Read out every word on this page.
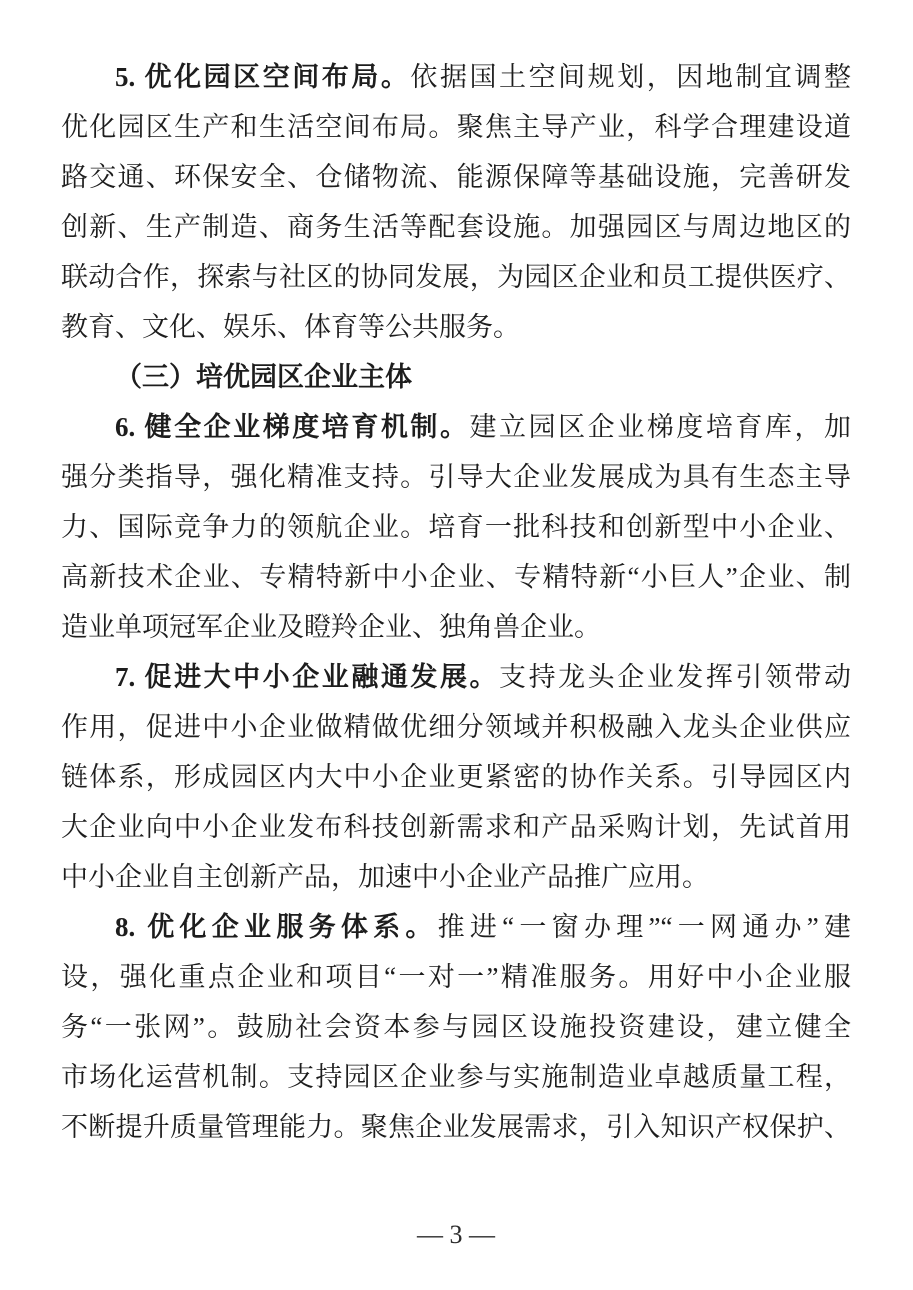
5. 优化园区空间布局。依据国土空间规划，因地制宜调整
优化园区生产和生活空间布局。聚焦主导产业，科学合理建设道
路交通、环保安全、仓储物流、能源保障等基础设施，完善研发
创新、生产制造、商务生活等配套设施。加强园区与周边地区的
联动合作，探索与社区的协同发展，为园区企业和员工提供医疗、
教育、文化、娱乐、体育等公共服务。
（三）培优园区企业主体
6. 健全企业梯度培育机制。建立园区企业梯度培育库，加
强分类指导，强化精准支持。引导大企业发展成为具有生态主导
力、国际竞争力的领航企业。培育一批科技和创新型中小企业、
高新技术企业、专精特新中小企业、专精特新“小巨人”企业、制
造业单项冠军企业及瞪羚企业、独角兽企业。
7. 促进大中小企业融通发展。支持龙头企业发挥引领带动
作用，促进中小企业做精做优细分领域并积极融入龙头企业供应
链体系，形成园区内大中小企业更紧密的协作关系。引导园区内
大企业向中小企业发布科技创新需求和产品采购计划，先试首用
中小企业自主创新产品，加速中小企业产品推广应用。
8. 优化企业服务体系。推进“一窗办理”“一网通办”建
设，强化重点企业和项目“一对一”精准服务。用好中小企业服
务“一张网”。鼓励社会资本参与园区设施投资建设，建立健全
市场化运营机制。支持园区企业参与实施制造业卓越质量工程，
不断提升质量管理能力。聚焦企业发展需求，引入知识产权保护、
— 3 —
